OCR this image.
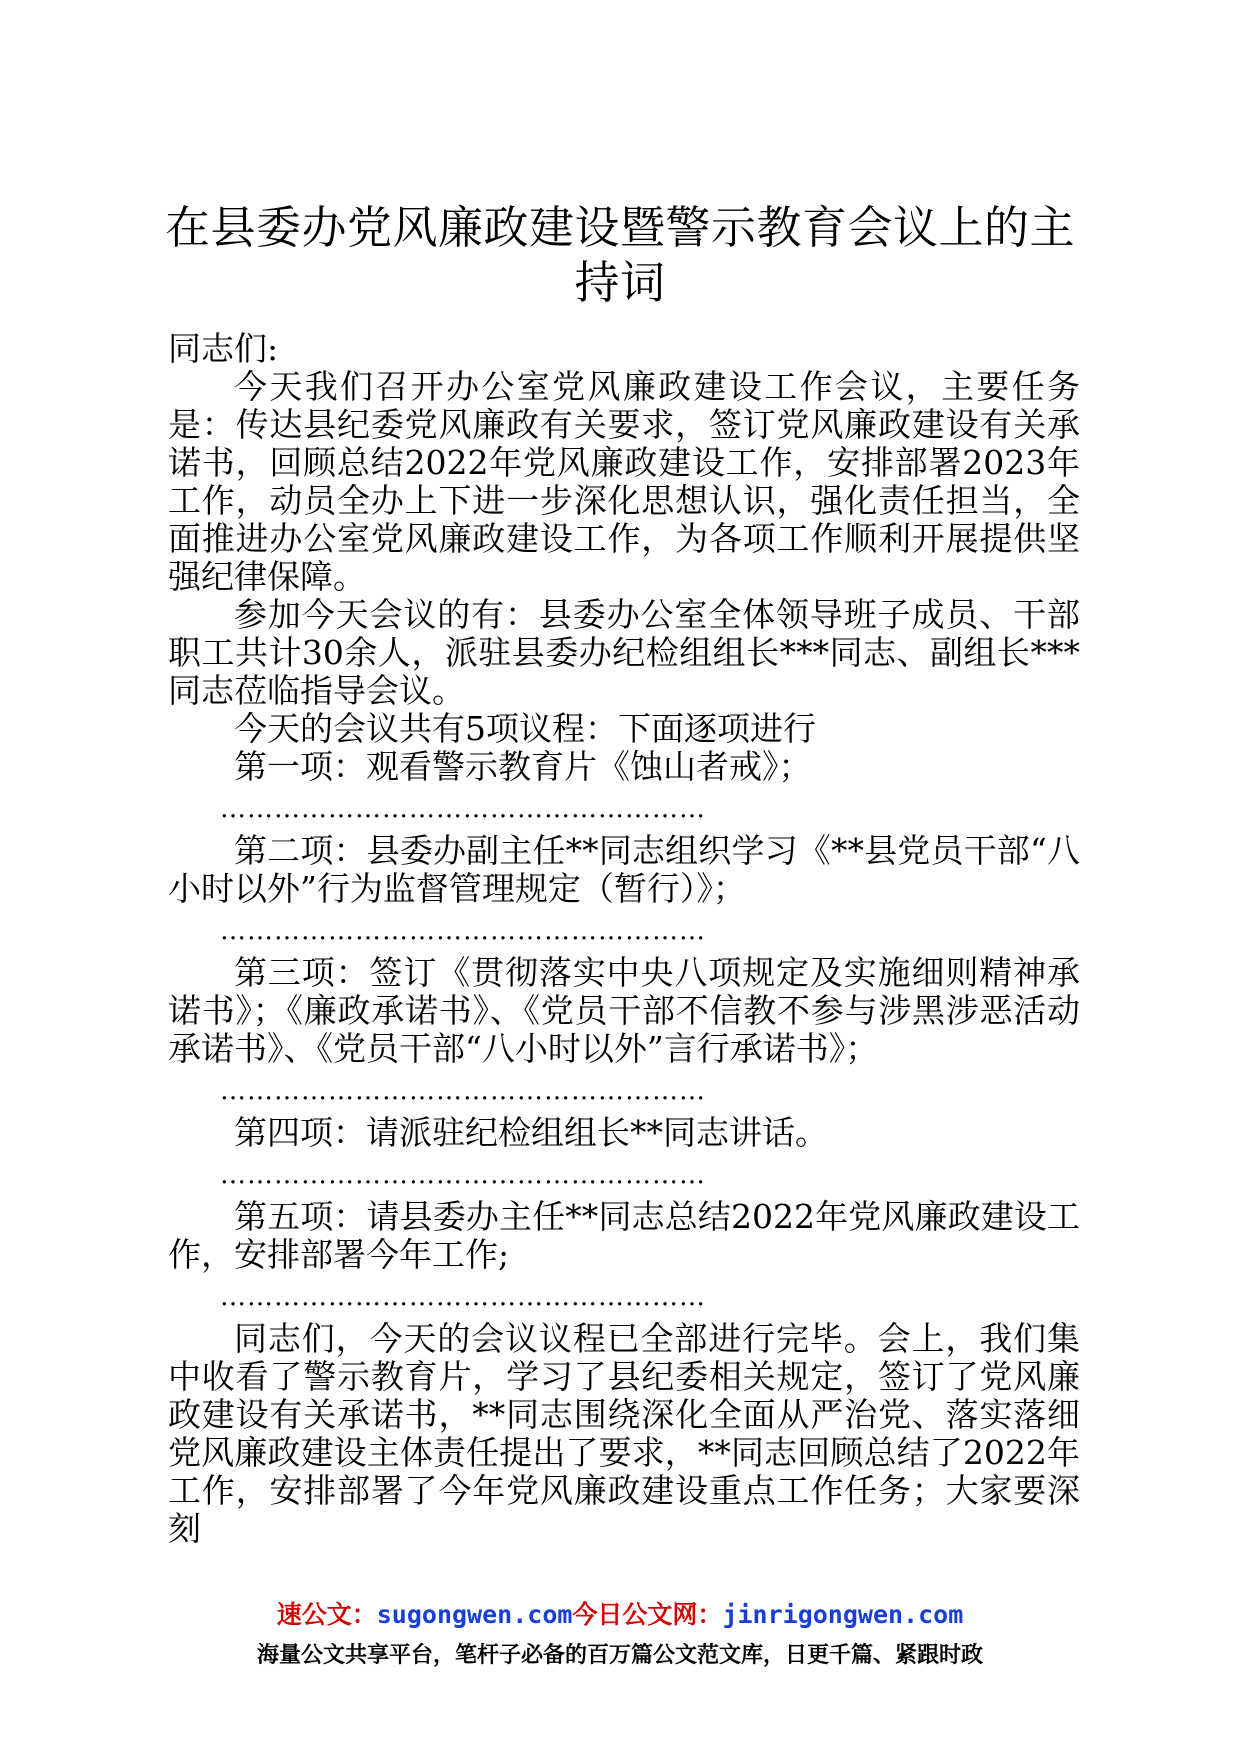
在县委办党风廉政建设暨警示教育会议上的主持词

同志们:

今天我们召开办公室党风廉政建设工作会议，主要任务是：传达县纪委党风廉政有关要求，签订党风廉政建设有关承诺书，回顾总结2022年党风廉政建设工作，安排部署2023年工作，动员全办上下进一步深化思想认识，强化责任担当，全面推进办公室党风廉政建设工作，为各项工作顺利开展提供坚强纪律保障。

参加今天会议的有：县委办公室全体领导班子成员、干部职工共计30余人，派驻县委办纪检组组长***同志、副组长***同志莅临指导会议。

今天的会议共有5项议程：下面逐项进行

第一项：观看警示教育片《蚀山者戒》；

………………………………………………

第二项：县委办副主任**同志组织学习《**县党员干部“八小时以外”行为监督管理规定（暂行）》；

………………………………………………

第三项：签订《贯彻落实中央八项规定及实施细则精神承诺书》；《廉政承诺书》、《党员干部不信教不参与涉黑涉恶活动承诺书》、《党员干部“八小时以外”言行承诺书》；

………………………………………………

第四项：请派驻纪检组组长**同志讲话。

………………………………………………

第五项：请县委办主任**同志总结2022年党风廉政建设工作，安排部署今年工作;

………………………………………………

同志们，今天的会议议程已全部进行完毕。会上，我们集中收看了警示教育片，学习了县纪委相关规定，签订了党风廉政建设有关承诺书，**同志围绕深化全面从严治党、落实落细党风廉政建设主体责任提出了要求，**同志回顾总结了2022年工作，安排部署了今年党风廉政建设重点工作任务；大家要深刻

速公文：sugongwen.com今日公文网：jinrigongwen.com
海量公文共享平台，笔杆子必备的百万篇公文范文库，日更千篇、紧跟时政
